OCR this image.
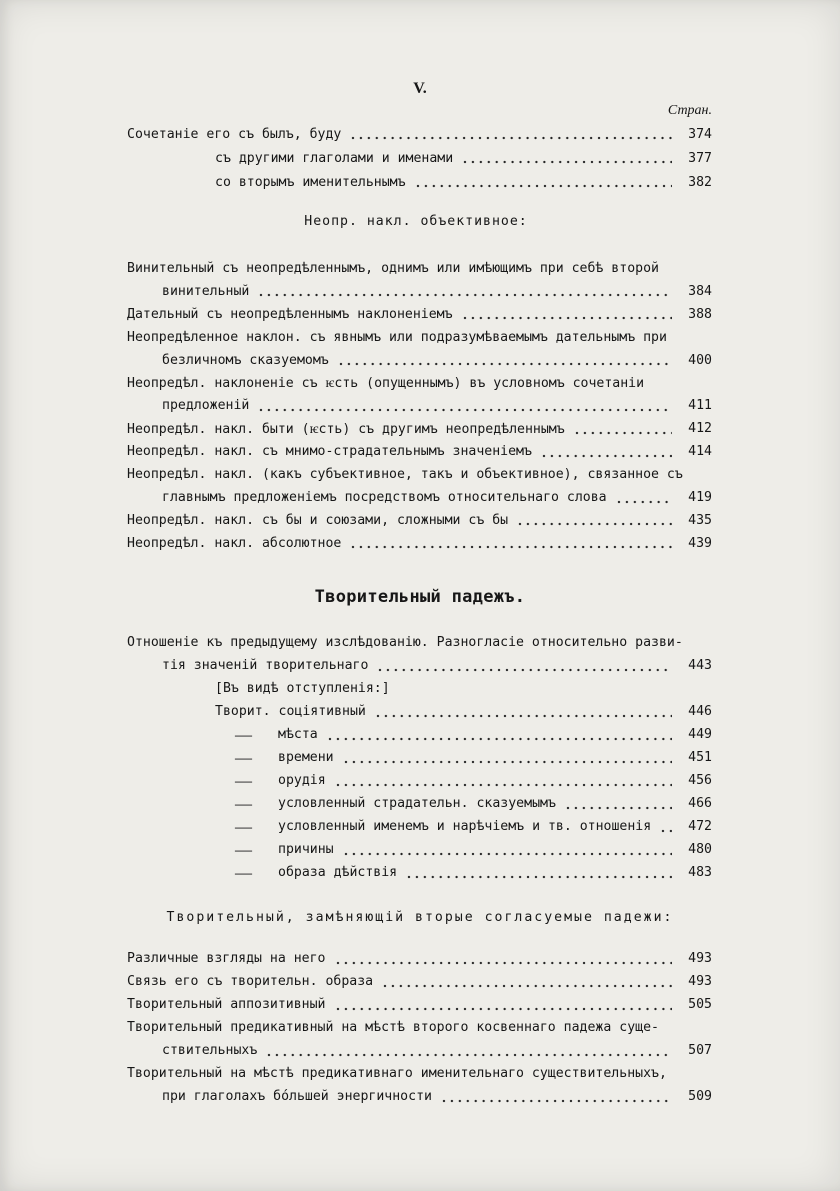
V.
Стран.
Сочетаніе его съ былъ, буду	374
съ другими глаголами и именами	377
со вторымъ именительнымъ	382
Неопр. накл. объективное:
Винительный съ неопредѣленнымъ, однимъ или имѣющимъ при себѣ второй
винительный	384
Дательный съ неопредѣленнымъ наклоненіемъ	388
Неопредѣленное наклон. съ явнымъ или подразумѣваемымъ дательнымъ при
безличномъ сказуемомъ	400
Неопредѣл. наклоненіе съ ѥсть (опущеннымъ) въ условномъ сочетаніи
предложеній	411
Неопредѣл. накл. быти (ѥсть) съ другимъ неопредѣленнымъ	412
Неопредѣл. накл. съ мнимо-страдательнымъ значеніемъ	414
Неопредѣл. накл. (какъ субъективное, такъ и объективное), связанное съ
главнымъ предложеніемъ посредствомъ относительнаго слова	419
Неопредѣл. накл. съ бы и союзами, сложными съ бы	435
Неопредѣл. накл. абсолютное	439
Творительный падежъ.
Отношеніе къ предыдущему изслѣдованію. Разногласіе относительно разви-
тія значеній творительнаго	443
[Въ видѣ отступленія:]
Творит. соціятивный	446
—	мѣста	449
—	времени	451
—	орудія	456
—	условленный страдательн. сказуемымъ	466
—	условленный именемъ и нарѣчіемъ и тв. отношенія	472
—	причины	480
—	образа дѣйствія	483
Творительный, замѣняющій вторые согласуемые падежи:
Различные взгляды на него	493
Связь его съ творительн. образа	493
Творительный аппозитивный	505
Творительный предикативный на мѣстѣ второго косвеннаго падежа суще-
ствительныхъ	507
Творительный на мѣстѣ предикативнаго именительнаго существительныхъ,
при глаголахъ бо́льшей энергичности	509
